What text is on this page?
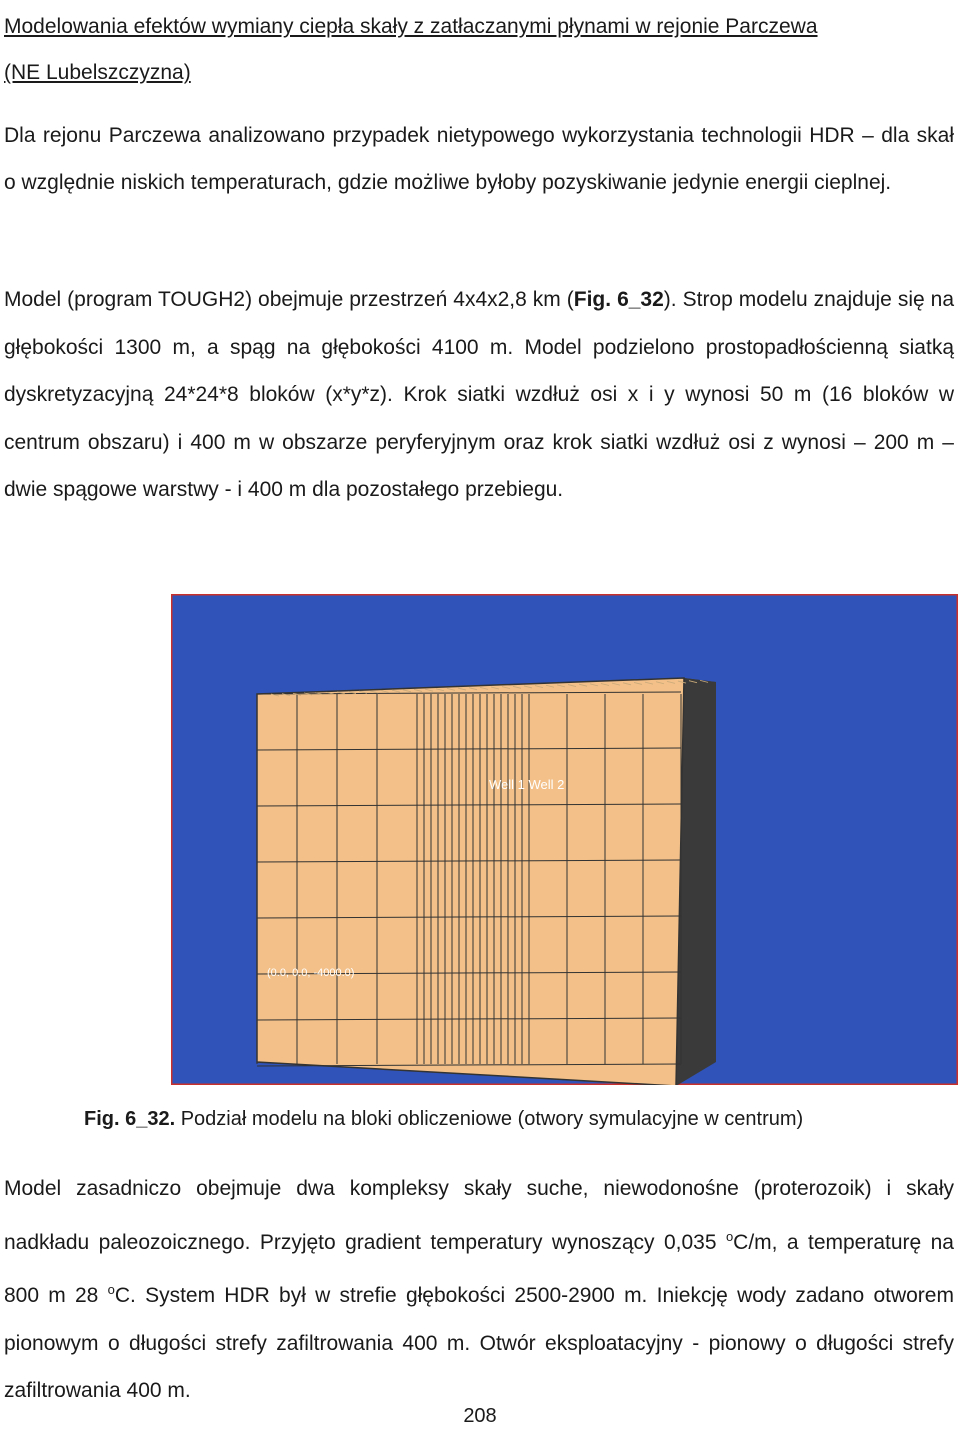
Modelowania efektów wymiany ciepła skały z zatłaczanymi płynami w rejonie Parczewa
(NE Lubelszczyzna)

Dla rejonu Parczewa analizowano przypadek nietypowego wykorzystania technologii HDR – dla skał o względnie niskich temperaturach, gdzie możliwe byłoby pozyskiwanie jedynie energii cieplnej.

Model (program TOUGH2) obejmuje przestrzeń 4x4x2,8 km (Fig. 6_32). Strop modelu znajduje się na głębokości 1300 m, a spąg na głębokości 4100 m. Model podzielono prostopadłościenną siatką dyskretyzacyjną 24*24*8 bloków (x*y*z). Krok siatki wzdłuż osi x i y wynosi 50 m (16 bloków w centrum obszaru) i 400 m w obszarze peryferyjnym oraz krok siatki wzdłuż osi z wynosi – 200 m – dwie spągowe warstwy - i 400 m dla pozostałego przebiegu.

Well 1 Well 2
(0.0, 0.0, -4000.0)
Fig. 6_32. Podział modelu na bloki obliczeniowe (otwory symulacyjne w centrum)

Model zasadniczo obejmuje dwa kompleksy skały suche, niewodonośne (proterozoik) i skały nadkładu paleozoicznego. Przyjęto gradient temperatury wynoszący 0,035 $^o$C/m, a temperaturę na 800 m 28 $^o$C. System HDR był w strefie głębokości 2500-2900 m. Iniekcję wody zadano otworem pionowym o długości strefy zafiltrowania 400 m. Otwór eksploatacyjny - pionowy o długości strefy zafiltrowania 400 m.

208
